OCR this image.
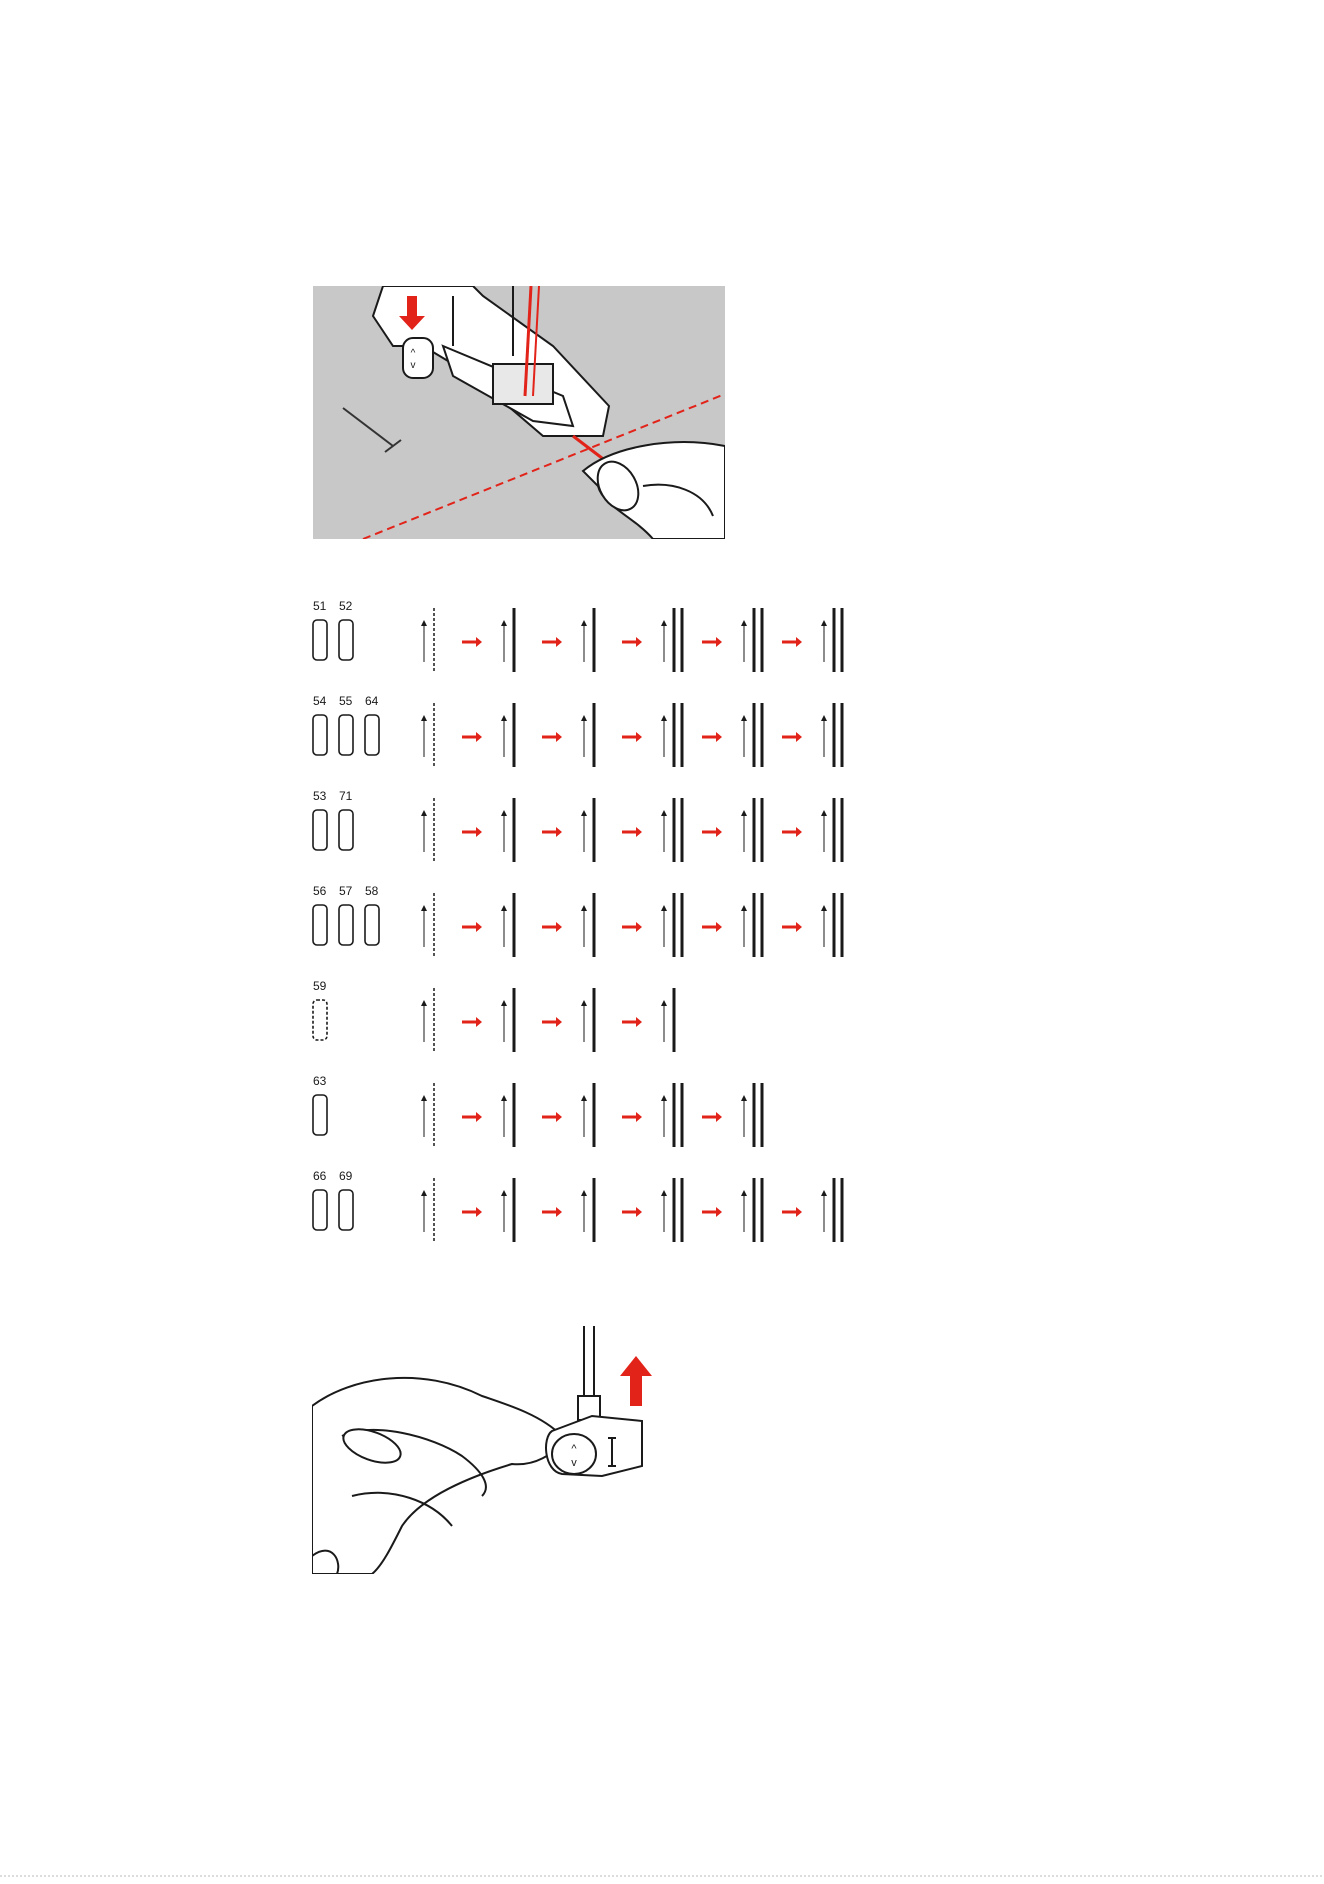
^
v
51 52
54 55 64
53 71
56 57 58
59
63
66 69
^
v
